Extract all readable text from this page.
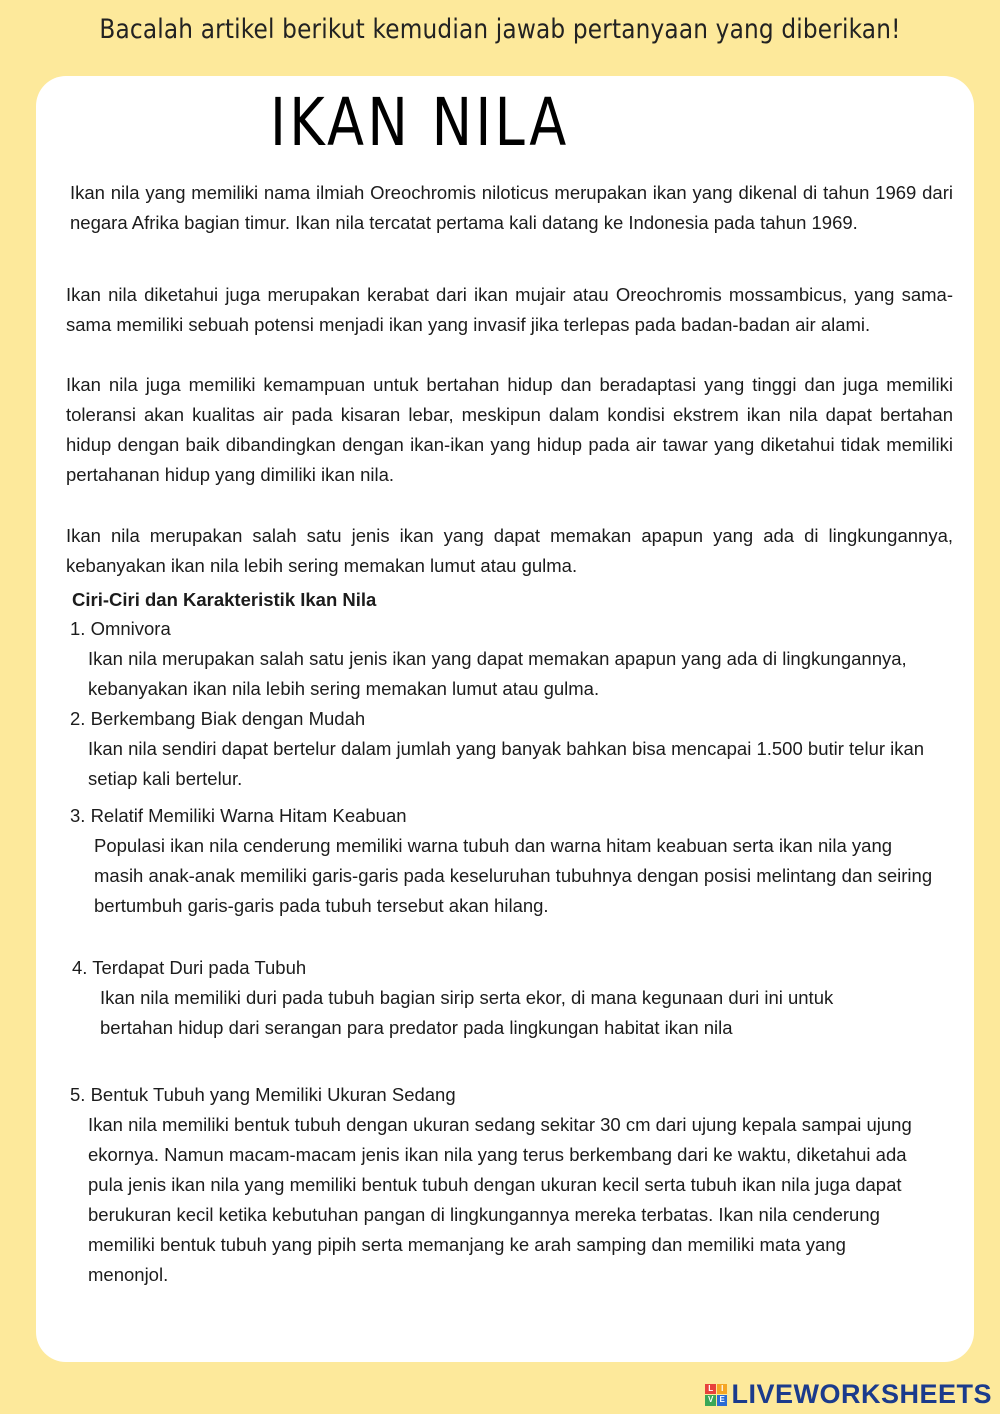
Bacalah artikel berikut kemudian jawab pertanyaan yang diberikan!
IKAN NILA

Ikan nila yang memiliki nama ilmiah Oreochromis niloticus merupakan ikan yang dikenal di tahun 1969 dari negara Afrika bagian timur. Ikan nila tercatat pertama kali datang ke Indonesia pada tahun 1969.

Ikan nila diketahui juga merupakan kerabat dari ikan mujair atau Oreochromis mossambicus, yang sama-sama memiliki sebuah potensi menjadi ikan yang invasif jika terlepas pada badan-badan air alami.

Ikan nila juga memiliki kemampuan untuk bertahan hidup dan beradaptasi yang tinggi dan juga memiliki toleransi akan kualitas air pada kisaran lebar, meskipun dalam kondisi ekstrem ikan nila dapat bertahan hidup dengan baik dibandingkan dengan ikan-ikan yang hidup pada air tawar yang diketahui tidak memiliki pertahanan hidup yang dimiliki ikan nila.

Ikan nila merupakan salah satu jenis ikan yang dapat memakan apapun yang ada di lingkungannya, kebanyakan ikan nila lebih sering memakan lumut atau gulma.

Ciri-Ciri dan Karakteristik Ikan Nila

1. Omnivora

Ikan nila merupakan salah satu jenis ikan yang dapat memakan apapun yang ada di lingkungannya, kebanyakan ikan nila lebih sering memakan lumut atau gulma.

2. Berkembang Biak dengan Mudah

Ikan nila sendiri dapat bertelur dalam jumlah yang banyak bahkan bisa mencapai 1.500 butir telur ikan setiap kali bertelur.

3. Relatif Memiliki Warna Hitam Keabuan

Populasi ikan nila cenderung memiliki warna tubuh dan warna hitam keabuan serta ikan nila yang masih anak-anak memiliki garis-garis pada keseluruhan tubuhnya dengan posisi melintang dan seiring bertumbuh garis-garis pada tubuh tersebut akan hilang.

4. Terdapat Duri pada Tubuh

Ikan nila memiliki duri pada tubuh bagian sirip serta ekor, di mana kegunaan duri ini untuk bertahan hidup dari serangan para predator pada lingkungan habitat ikan nila

5. Bentuk Tubuh yang Memiliki Ukuran Sedang

Ikan nila memiliki bentuk tubuh dengan ukuran sedang sekitar 30 cm dari ujung kepala sampai ujung ekornya. Namun macam-macam jenis ikan nila yang terus berkembang dari ke waktu, diketahui ada pula jenis ikan nila yang memiliki bentuk tubuh dengan ukuran kecil serta tubuh ikan nila juga dapat berukuran kecil ketika kebutuhan pangan di lingkungannya mereka terbatas. Ikan nila cenderung memiliki bentuk tubuh yang pipih serta memanjang ke arah samping dan memiliki mata yang menonjol.

L I
V E LIVEWORKSHEETS
